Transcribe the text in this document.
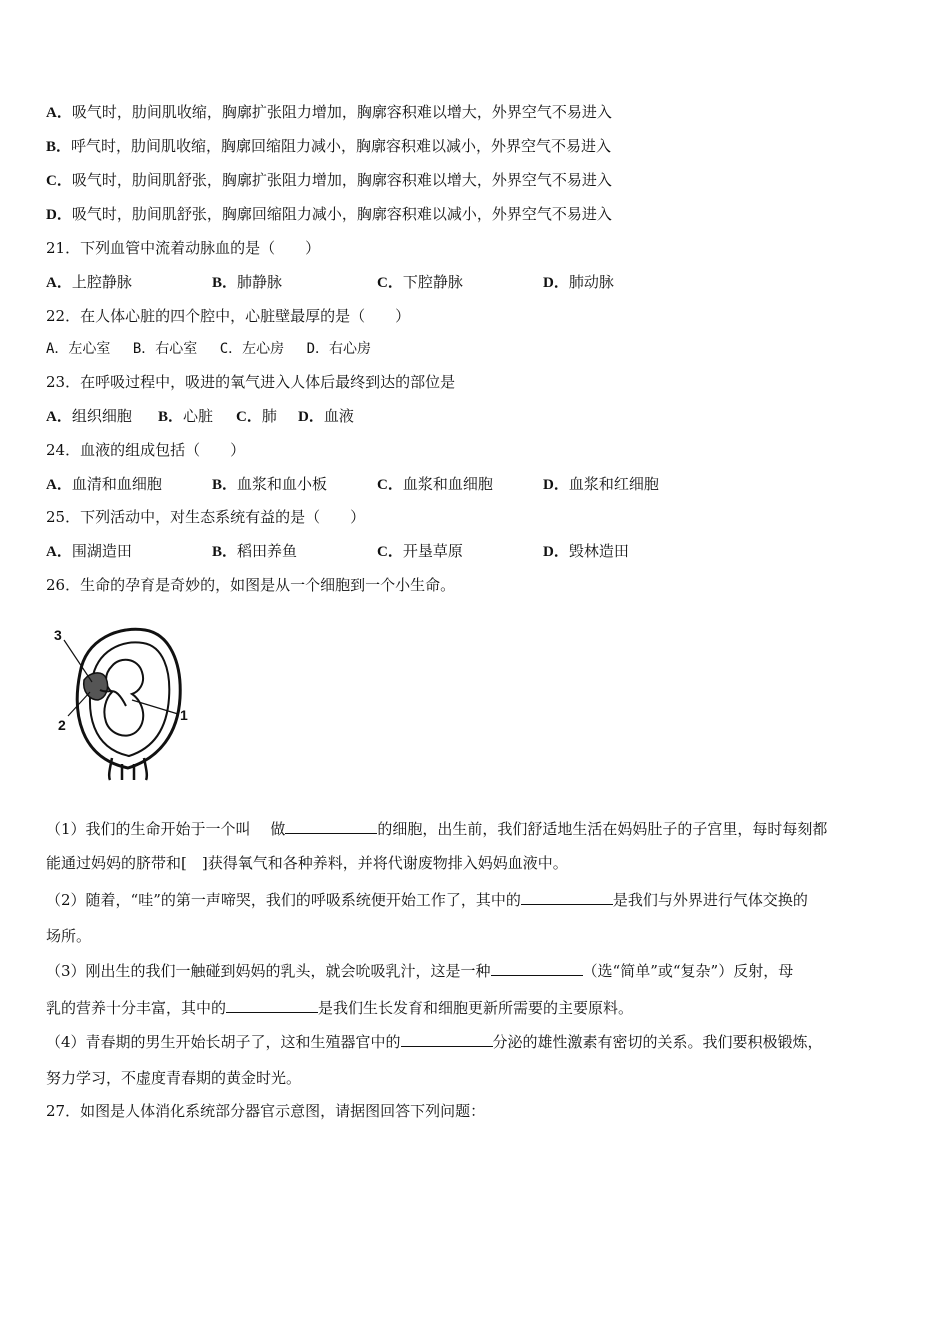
A．吸气时，肋间肌收缩，胸廓扩张阻力增加，胸廓容积难以增大，外界空气不易进入
B．呼气时，肋间肌收缩，胸廓回缩阻力减小，胸廓容积难以减小，外界空气不易进入
C．吸气时，肋间肌舒张，胸廓扩张阻力增加，胸廓容积难以增大，外界空气不易进入
D．吸气时，肋间肌舒张，胸廓回缩阻力减小，胸廓容积难以减小，外界空气不易进入
21．下列血管中流着动脉血的是（　　）
A．上腔静脉	B．肺静脉	C．下腔静脉	D．肺动脉
22．在人体心脏的四个腔中，心脏壁最厚的是（　　）
A．左心室　 B．右心室　 C．左心房　 D．右心房
23．在呼吸过程中，吸进的氧气进入人体后最终到达的部位是
A．组织细胞 B．心脏 C．肺 D．血液
24．血液的组成包括（　　）
A．血清和血细胞	B．血浆和血小板	C．血浆和血细胞	D．血浆和红细胞
25．下列活动中，对生态系统有益的是（　　）
A．围湖造田	B．稻田养鱼	C．开垦草原	D．毁林造田
26．生命的孕育是奇妙的，如图是从一个细胞到一个小生命。
3
2
1
（1）我们的生命开始于一个叫　 做	的细胞，出生前，我们舒适地生活在妈妈肚子的子宫里，每时每刻都
能通过妈妈的脐带和[　]获得氧气和各种养料，并将代谢废物排入妈妈血液中。
（2）随着，“哇”的第一声啼哭，我们的呼吸系统便开始工作了，其中的	是我们与外界进行气体交换的
场所。
（3）刚出生的我们一触碰到妈妈的乳头，就会吮吸乳汁，这是一种	（选“简单”或“复杂”）反射，母
乳的营养十分丰富，其中的	是我们生长发育和细胞更新所需要的主要原料。
（4）青春期的男生开始长胡子了，这和生殖器官中的	分泌的雄性激素有密切的关系。我们要积极锻炼，
努力学习，不虚度青春期的黄金时光。
27．如图是人体消化系统部分器官示意图，请据图回答下列问题：
